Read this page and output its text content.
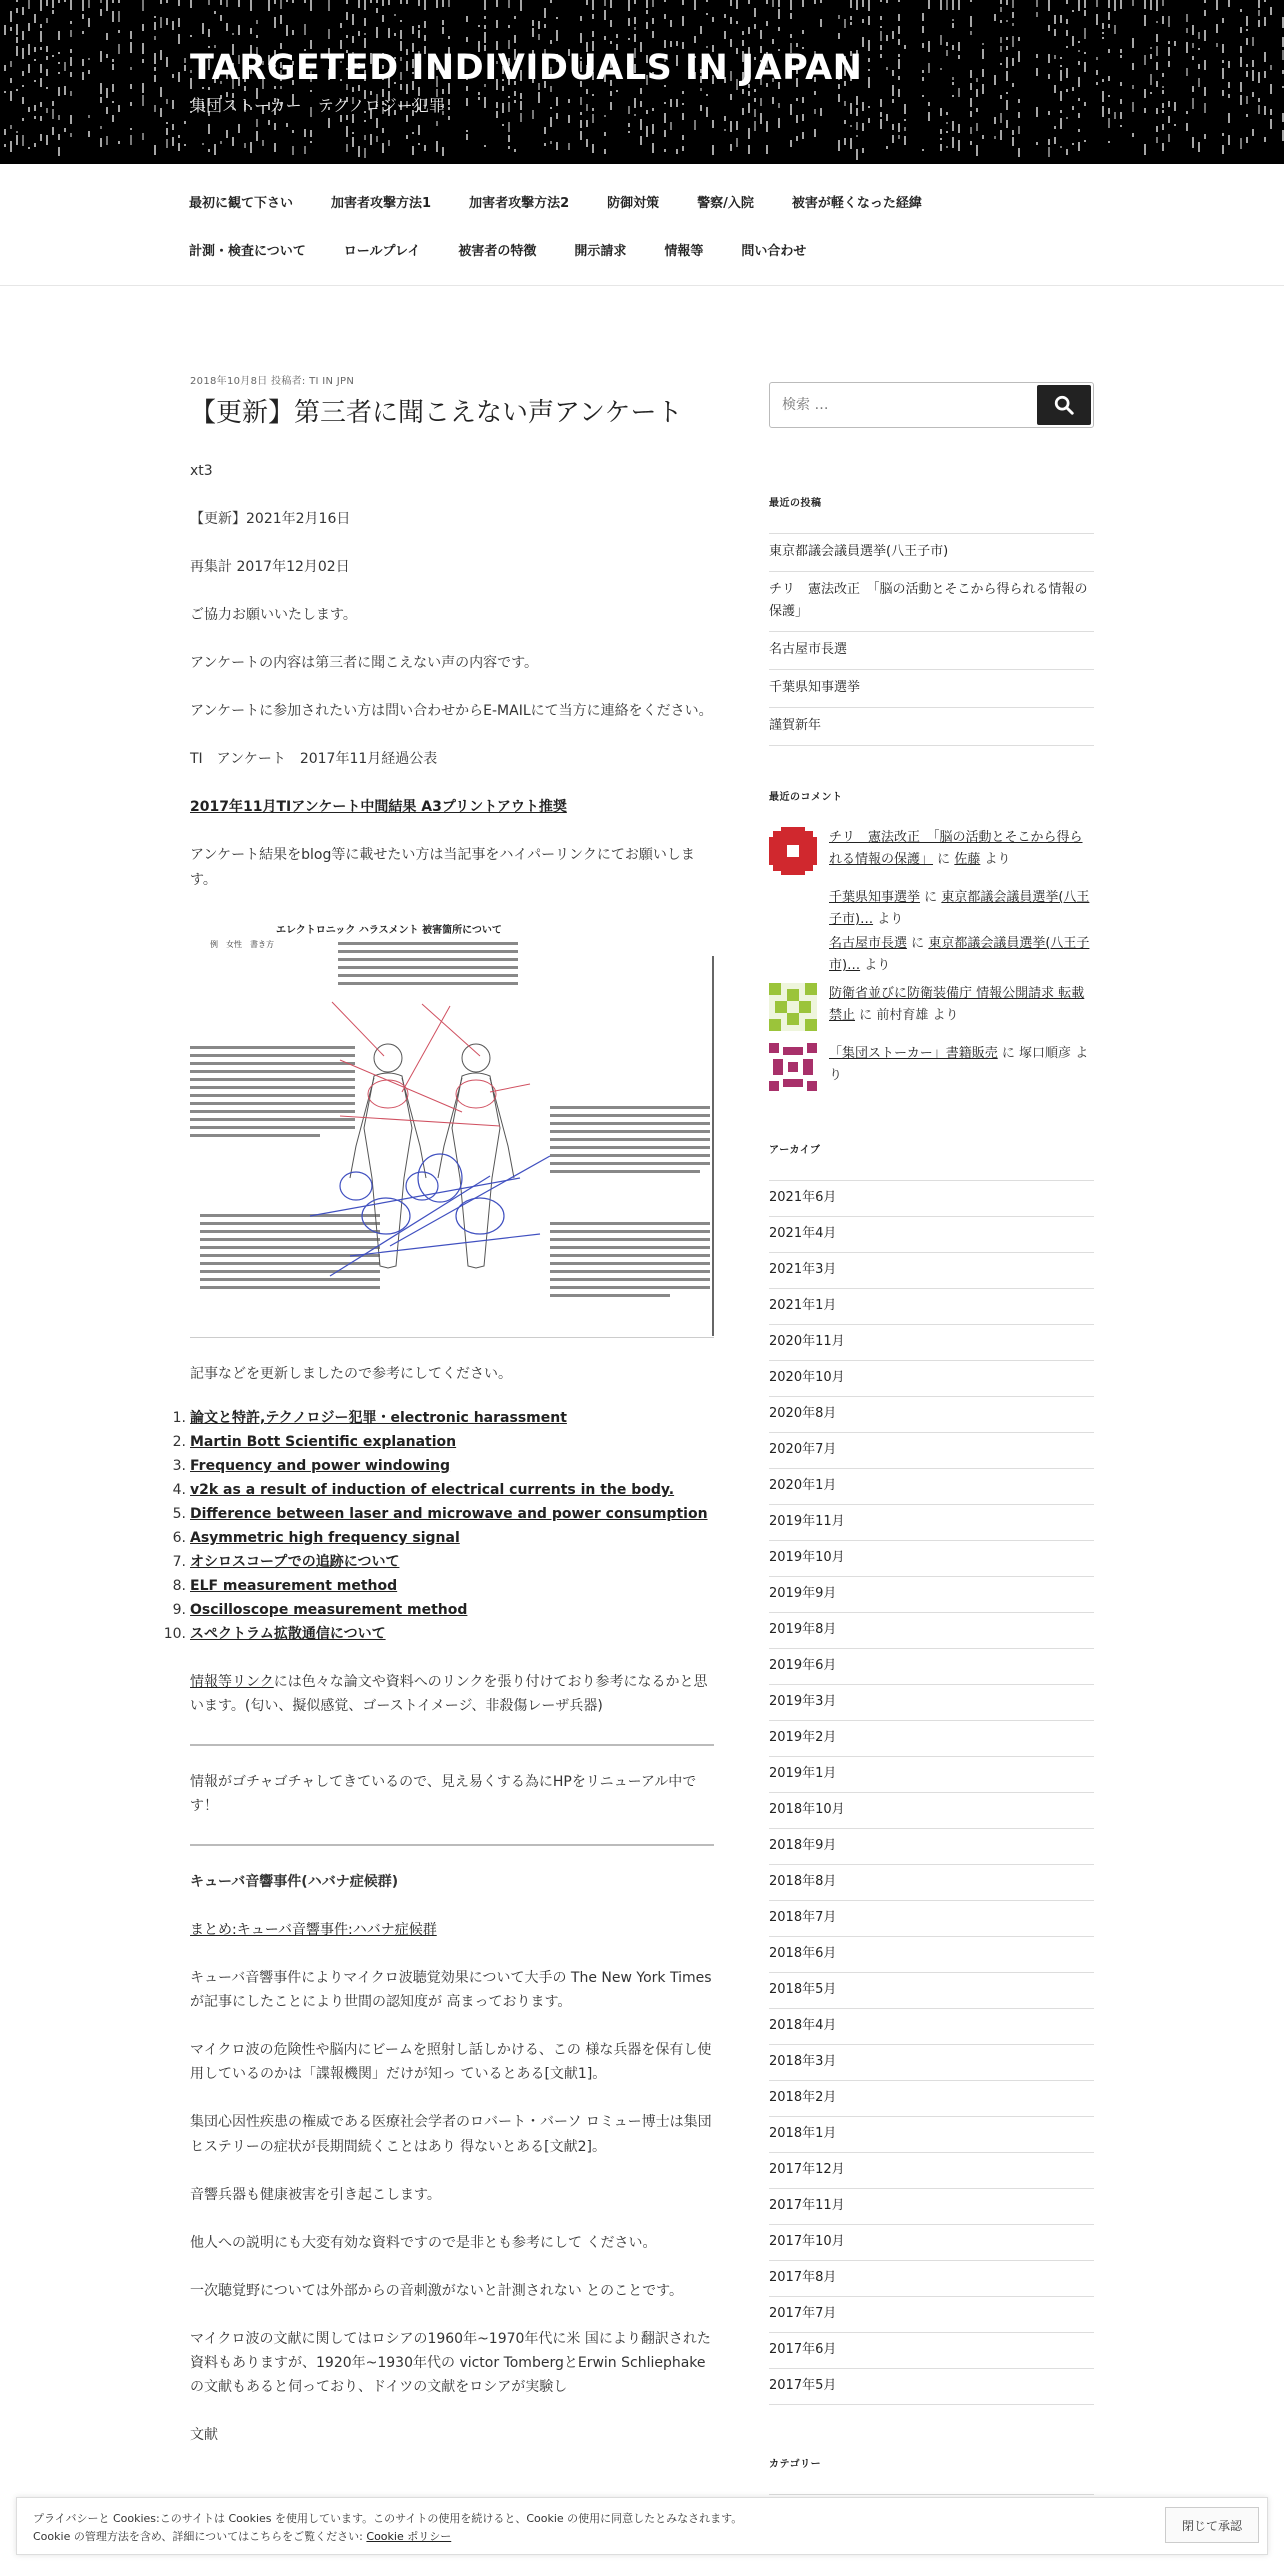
TARGETED INDIVIDUALS IN JAPAN
集団ストーカー　テクノロジー犯罪
最初に観て下さい	加害者攻撃方法1	加害者攻撃方法2	防御対策	警察/入院	被害が軽くなった経緯
計測・検査について	ロールプレイ	被害者の特徴	開示請求	情報等	問い合わせ
2018年10月8日 投稿者: TI IN JPN
【更新】第三者に聞こえない声アンケート

xt3

【更新】2021年2月16日

再集計 2017年12月02日

ご協力お願いいたします。

アンケートの内容は第三者に聞こえない声の内容です。

アンケートに参加されたい方は問い合わせからE-MAILにて当方に連絡をください。

TI　アンケート　2017年11月経過公表

2017年11月TIアンケート中間結果 A3プリントアウト推奨

アンケート結果をblog等に載せたい方は当記事をハイパーリンクにてお願いします。

例　女性　書き方
エレクトロニック ハラスメント 被害箇所について

記事などを更新しましたので参考にしてください。

1. 論文と特許,テクノロジー犯罪・electronic harassment
2. Martin Bott Scientific explanation
3. Frequency and power windowing
4. v2k as a result of induction of electrical currents in the body.
5. Difference between laser and microwave and power consumption
6. Asymmetric high frequency signal
7. オシロスコープでの追跡について
8. ELF measurement method
9. Oscilloscope measurement method
10. スペクトラム拡散通信について

情報等リンクには色々な論文や資料へのリンクを張り付けており参考になるかと思います。(匂い、擬似感覚、ゴーストイメージ、非殺傷レーザ兵器)

情報がゴチャゴチャしてきているので、見え易くする為にHPをリニューアル中です！

キューバ音響事件(ハバナ症候群)

まとめ:キューバ音響事件:ハバナ症候群

キューバ音響事件によりマイクロ波聴覚効果について大手の The New York Timesが記事にしたことにより世間の認知度が 高まっております。

マイクロ波の危険性や脳内にビームを照射し話しかける、この 様な兵器を保有し使用しているのかは「諜報機関」だけが知っ ているとある[文献1]。

集団心因性疾患の権威である医療社会学者のロバート・バーソ ロミュー博士は集団ヒステリーの症状が長期間続くことはあり 得ないとある[文献2]。

音響兵器も健康被害を引き起こします。

他人への説明にも大変有効な資料ですので是非とも参考にして ください。

一次聴覚野については外部からの音刺激がないと計測されない とのことです。

マイクロ波の文献に関してはロシアの1960年~1970年代に米 国により翻訳された資料もありますが、1920年~1930年代の victor TombergとErwin Schliephakeの文献もあると伺っており、ドイツの文献をロシアが実験し

文献

検索 …
最近の投稿
東京都議会議員選挙(八王子市)
チリ　憲法改正　「脳の活動とそこから得られる情報の保護」
名古屋市長選
千葉県知事選挙
謹賀新年
最近のコメント
チリ　憲法改正　「脳の活動とそこから得られる情報の保護」 に 佐藤 より
千葉県知事選挙 に 東京都議会議員選挙(八王子市)… より
名古屋市長選 に 東京都議会議員選挙(八王子市)… より
防衛省並びに防衛装備庁 情報公開請求 転載禁止 に 前村育雄 より
「集団ストーカー」書籍販売 に 塚口順彦 より
アーカイブ
2021年6月
2021年4月
2021年3月
2021年1月
2020年11月
2020年10月
2020年8月
2020年7月
2020年1月
2019年11月
2019年10月
2019年9月
2019年8月
2019年6月
2019年3月
2019年2月
2019年1月
2018年10月
2018年9月
2018年8月
2018年7月
2018年6月
2018年5月
2018年4月
2018年3月
2018年2月
2018年1月
2017年12月
2017年11月
2017年10月
2017年8月
2017年7月
2017年6月
2017年5月
カテゴリー
プライバシーと Cookies:このサイトは Cookies を使用しています。このサイトの使用を続けると、Cookie の使用に同意したとみなされます。
Cookie の管理方法を含め、詳細についてはこちらをご覧ください: Cookie ポリシー
閉じて承認
